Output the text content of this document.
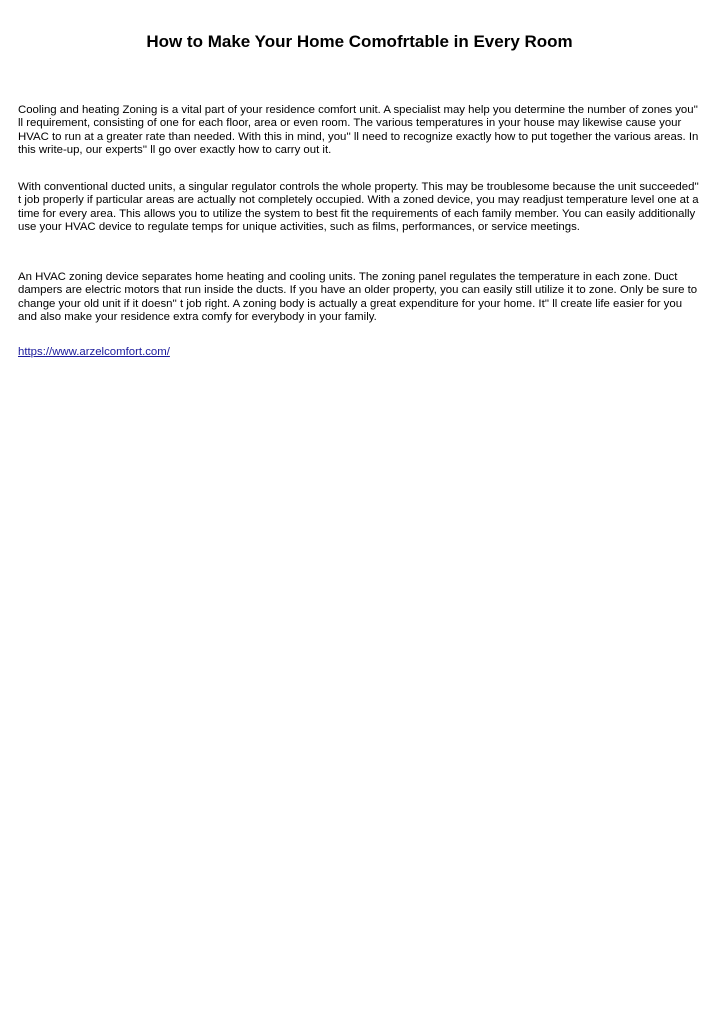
How to Make Your Home Comofrtable in Every Room

Cooling and heating Zoning is a vital part of your residence comfort unit. A specialist may help you determine the number of zones you'' ll requirement, consisting of one for each floor, area or even room. The various temperatures in your house may likewise cause your HVAC to run at a greater rate than needed. With this in mind, you'' ll need to recognize exactly how to put together the various areas. In this write-up, our experts'' ll go over exactly how to carry out it.

With conventional ducted units, a singular regulator controls the whole property. This may be troublesome because the unit succeeded'' t job properly if particular areas are actually not completely occupied. With a zoned device, you may readjust temperature level one at a time for every area. This allows you to utilize the system to best fit the requirements of each family member. You can easily additionally use your HVAC device to regulate temps for unique activities, such as films, performances, or service meetings.

An HVAC zoning device separates home heating and cooling units. The zoning panel regulates the temperature in each zone. Duct dampers are electric motors that run inside the ducts. If you have an older property, you can easily still utilize it to zone. Only be sure to change your old unit if it doesn'' t job right. A zoning body is actually a great expenditure for your home. It'' ll create life easier for you and also make your residence extra comfy for everybody in your family.

https://www.arzelcomfort.com/
